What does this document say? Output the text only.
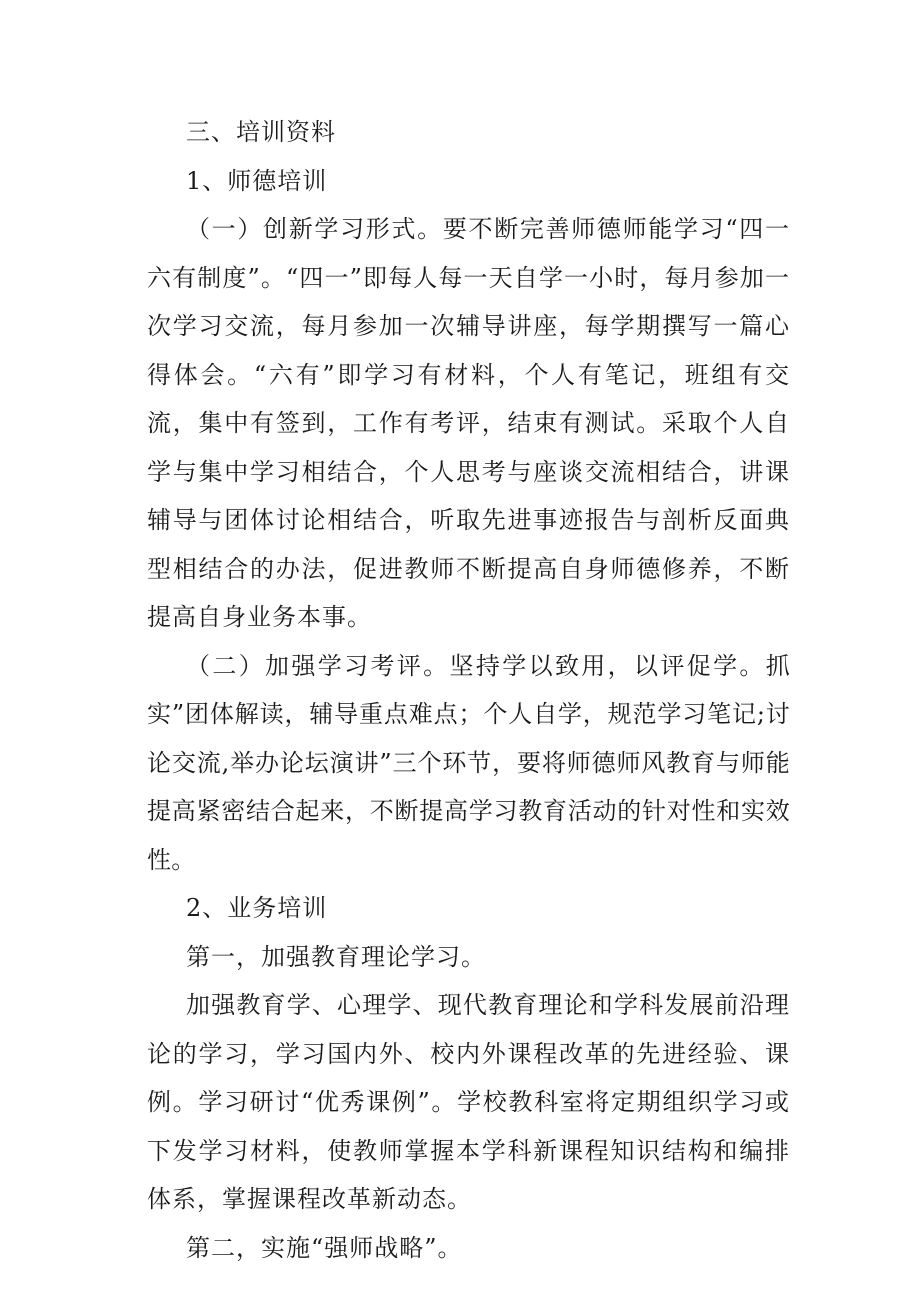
三、培训资料

1、师德培训

（一）创新学习形式。要不断完善师德师能学习“四一六有制度”。“四一”即每人每一天自学一小时，每月参加一次学习交流，每月参加一次辅导讲座，每学期撰写一篇心得体会。“六有”即学习有材料，个人有笔记，班组有交流，集中有签到，工作有考评，结束有测试。采取个人自学与集中学习相结合，个人思考与座谈交流相结合，讲课辅导与团体讨论相结合，听取先进事迹报告与剖析反面典型相结合的办法，促进教师不断提高自身师德修养，不断提高自身业务本事。

（二）加强学习考评。坚持学以致用，以评促学。抓实”团体解读，辅导重点难点；个人自学，规范学习笔记;讨论交流,举办论坛演讲”三个环节，要将师德师风教育与师能提高紧密结合起来，不断提高学习教育活动的针对性和实效性。

2、业务培训

第一，加强教育理论学习。

加强教育学、心理学、现代教育理论和学科发展前沿理论的学习，学习国内外、校内外课程改革的先进经验、课例。学习研讨“优秀课例”。学校教科室将定期组织学习或下发学习材料，使教师掌握本学科新课程知识结构和编排体系，掌握课程改革新动态。

第二，实施“强师战略”。
